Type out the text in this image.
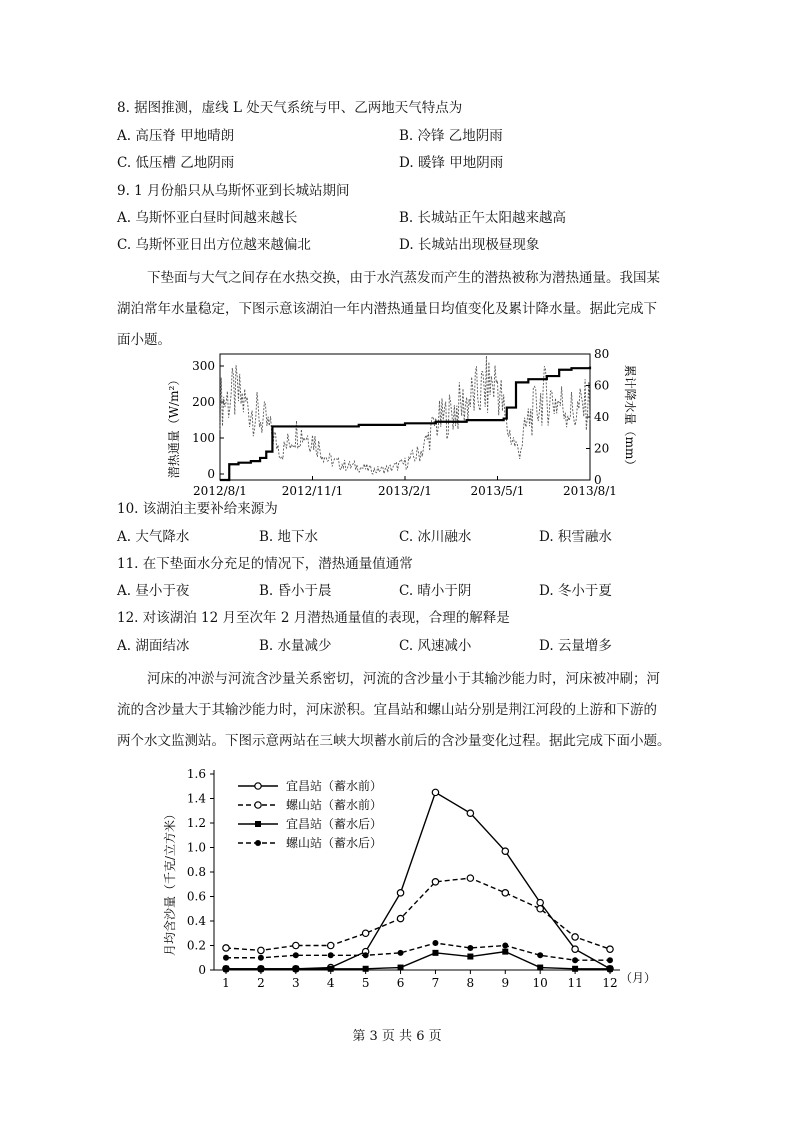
8. 据图推测，虚线 L 处天气系统与甲、乙两地天气特点为
A. 高压脊 甲地晴朗	B. 冷锋 乙地阴雨
C. 低压槽 乙地阴雨	D. 暖锋 甲地阴雨
9. 1 月份船只从乌斯怀亚到长城站期间
A. 乌斯怀亚白昼时间越来越长	B. 长城站正午太阳越来越高
C. 乌斯怀亚日出方位越来越偏北	D. 长城站出现极昼现象
下垫面与大气之间存在水热交换，由于水汽蒸发而产生的潜热被称为潜热通量。我国某
湖泊常年水量稳定，下图示意该湖泊一年内潜热通量日均值变化及累计降水量。据此完成下
面小题。
0
100
200
300
0
20
40
60
80
2012/8/1	2012/11/1	2013/2/1	2013/5/1	2013/8/1
潜热通量（W/m²）	累计降水量（mm）
10. 该湖泊主要补给来源为
A. 大气降水	B. 地下水	C. 冰川融水	D. 积雪融水
11. 在下垫面水分充足的情况下，潜热通量值通常
A. 昼小于夜	B. 昏小于晨	C. 晴小于阴	D. 冬小于夏
12. 对该湖泊 12 月至次年 2 月潜热通量值的表现，合理的解释是
A. 湖面结冰	B. 水量减少	C. 风速减小	D. 云量增多
河床的冲淤与河流含沙量关系密切，河流的含沙量小于其输沙能力时，河床被冲刷；河
流的含沙量大于其输沙能力时，河床淤积。宜昌站和螺山站分别是荆江河段的上游和下游的
两个水文监测站。下图示意两站在三峡大坝蓄水前后的含沙量变化过程。据此完成下面小题。
0
0.2
0.4
0.6
0.8
1.0
1.2
1.4
1.6
1 2 3 4 5 6 7 8 9 10 11 12
宜昌站（蓄水前）
螺山站（蓄水前）
宜昌站（蓄水后）
螺山站（蓄水后）
月均含沙量（千克/立方米）
（月）
第 3 页 共 6 页
